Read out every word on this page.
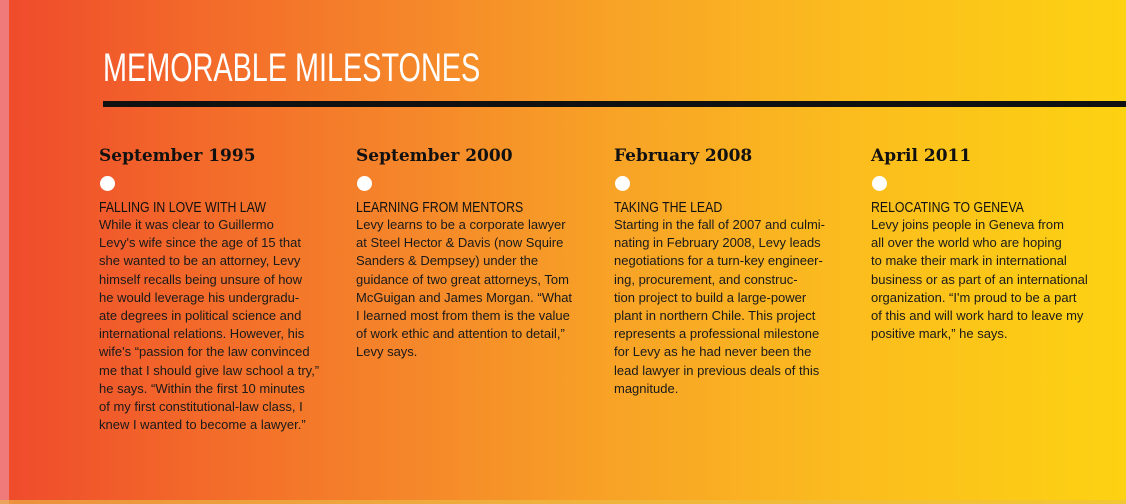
MEMORABLE MILESTONES
September 1995
FALLING IN LOVE WITH LAW
While it was clear to Guillermo
Levy's wife since the age of 15 that
she wanted to be an attorney, Levy
himself recalls being unsure of how
he would leverage his undergradu-
ate degrees in political science and
international relations. However, his
wife's “passion for the law convinced
me that I should give law school a try,”
he says. “Within the first 10 minutes
of my first constitutional-law class, I
knew I wanted to become a lawyer.”
September 2000
LEARNING FROM MENTORS
Levy learns to be a corporate lawyer
at Steel Hector & Davis (now Squire
Sanders & Dempsey) under the
guidance of two great attorneys, Tom
McGuigan and James Morgan. “What
I learned most from them is the value
of work ethic and attention to detail,”
Levy says.
February 2008
TAKING THE LEAD
Starting in the fall of 2007 and culmi-
nating in February 2008, Levy leads
negotiations for a turn-key engineer-
ing, procurement, and construc-
tion project to build a large-power
plant in northern Chile. This project
represents a professional milestone
for Levy as he had never been the
lead lawyer in previous deals of this
magnitude.
April 2011
RELOCATING TO GENEVA
Levy joins people in Geneva from
all over the world who are hoping
to make their mark in international
business or as part of an international
organization. “I'm proud to be a part
of this and will work hard to leave my
positive mark,” he says.
